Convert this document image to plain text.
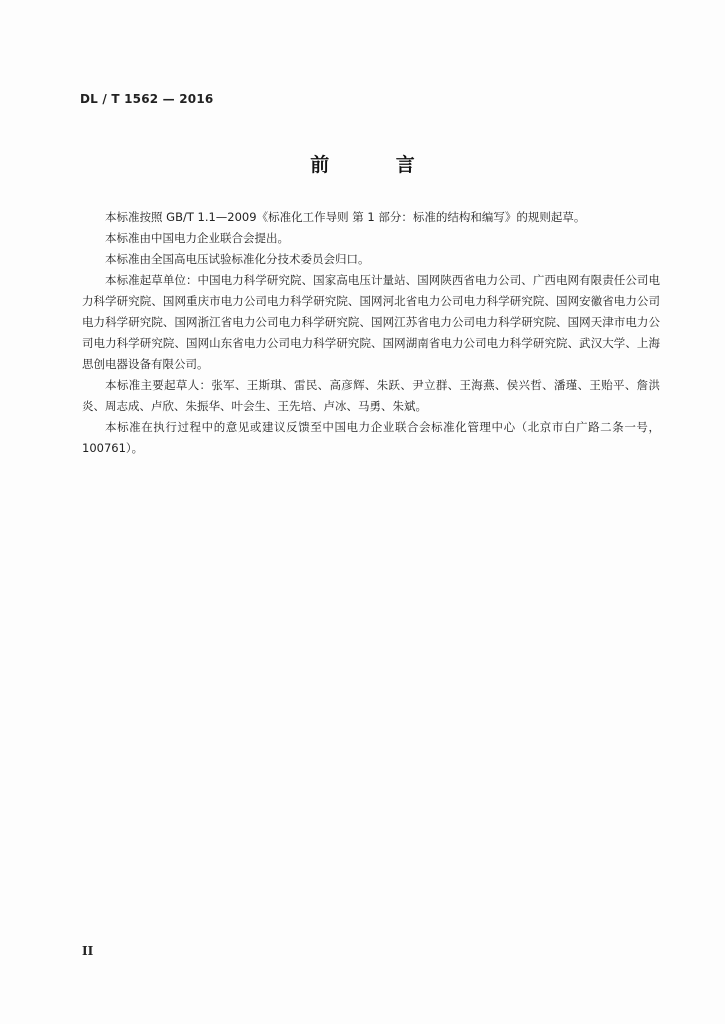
DL / T 1562 — 2016
前 言

本标准按照 GB/T 1.1—2009《标准化工作导则 第 1 部分：标准的结构和编写》的规则起草。

本标准由中国电力企业联合会提出。

本标准由全国高电压试验标准化分技术委员会归口。

本标准起草单位：中国电力科学研究院、国家高电压计量站、国网陕西省电力公司、广西电网有限责任公司电力科学研究院、国网重庆市电力公司电力科学研究院、国网河北省电力公司电力科学研究院、国网安徽省电力公司电力科学研究院、国网浙江省电力公司电力科学研究院、国网江苏省电力公司电力科学研究院、国网天津市电力公司电力科学研究院、国网山东省电力公司电力科学研究院、国网湖南省电力公司电力科学研究院、武汉大学、上海思创电器设备有限公司。

本标准主要起草人：张军、王斯琪、雷民、高彦辉、朱跃、尹立群、王海燕、侯兴哲、潘瑾、王贻平、詹洪炎、周志成、卢欣、朱振华、叶会生、王先培、卢冰、马勇、朱斌。

本标准在执行过程中的意见或建议反馈至中国电力企业联合会标准化管理中心（北京市白广路二条一号，100761）。

II
